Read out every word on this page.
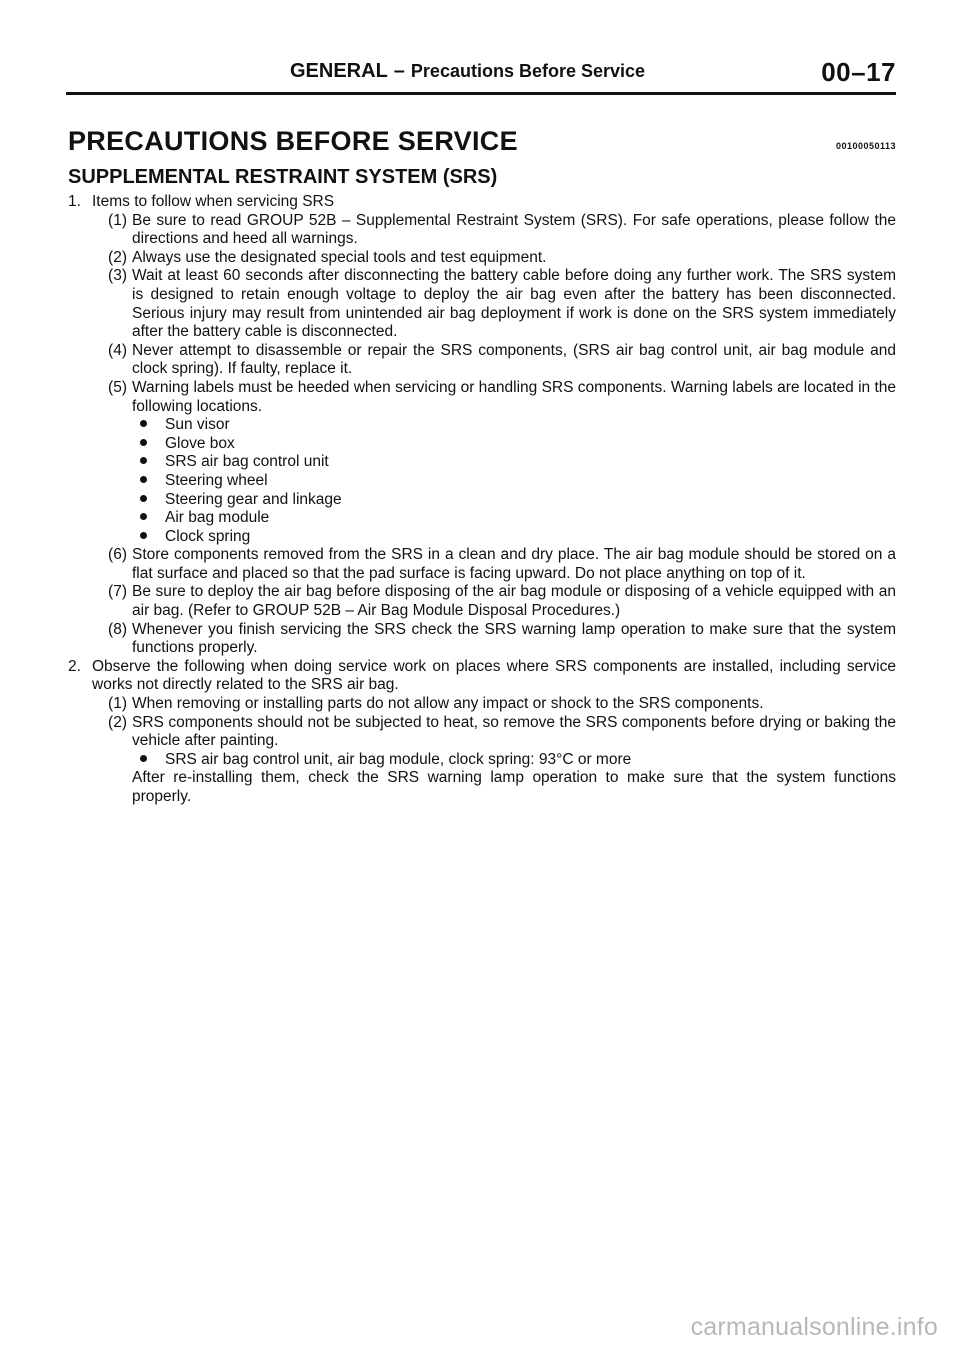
GENERAL – Precautions Before Service	00–17
PRECAUTIONS BEFORE SERVICE	00100050113
SUPPLEMENTAL RESTRAINT SYSTEM (SRS)
1. Items to follow when servicing SRS
(1) Be sure to read GROUP 52B – Supplemental Restraint System (SRS). For safe operations, please follow the directions and heed all warnings.
(2) Always use the designated special tools and test equipment.
(3) Wait at least 60 seconds after disconnecting the battery cable before doing any further work. The SRS system is designed to retain enough voltage to deploy the air bag even after the battery has been disconnected. Serious injury may result from unintended air bag deployment if work is done on the SRS system immediately after the battery cable is disconnected.
(4) Never attempt to disassemble or repair the SRS components, (SRS air bag control unit, air bag module and clock spring). If faulty, replace it.
(5) Warning labels must be heeded when servicing or handling SRS components. Warning labels are located in the following locations.
Sun visor
Glove box
SRS air bag control unit
Steering wheel
Steering gear and linkage
Air bag module
Clock spring
(6) Store components removed from the SRS in a clean and dry place. The air bag module should be stored on a flat surface and placed so that the pad surface is facing upward. Do not place anything on top of it.
(7) Be sure to deploy the air bag before disposing of the air bag module or disposing of a vehicle equipped with an air bag. (Refer to GROUP 52B – Air Bag Module Disposal Procedures.)
(8) Whenever you finish servicing the SRS check the SRS warning lamp operation to make sure that the system functions properly.
2. Observe the following when doing service work on places where SRS components are installed, including service works not directly related to the SRS air bag.
(1) When removing or installing parts do not allow any impact or shock to the SRS components.
(2) SRS components should not be subjected to heat, so remove the SRS components before drying or baking the vehicle after painting.
SRS air bag control unit, air bag module, clock spring: 93°C or more
After re-installing them, check the SRS warning lamp operation to make sure that the system functions properly.
carmanualsonline.info
